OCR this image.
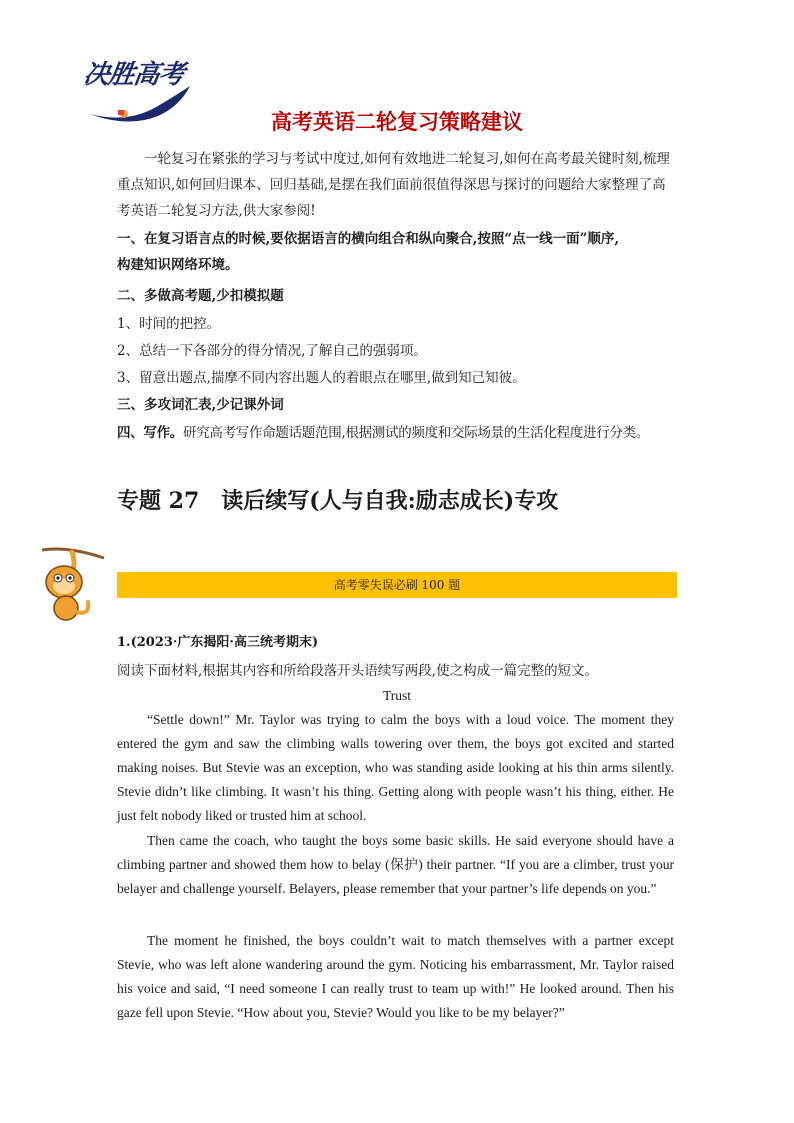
决胜高考
高考英语二轮复习策略建议
一轮复习在紧张的学习与考试中度过,如何有效地进二轮复习,如何在高考最关键时刻,梳理重点知识,如何回归课本、回归基础,是摆在我们面前很值得深思与探讨的问题给大家整理了高考英语二轮复习方法,供大家参阅!
一、在复习语言点的时候,要依据语言的横向组合和纵向聚合,按照“点一线一面”顺序,
构建知识网络环境。
二、多做高考题,少扣模拟题
1、时间的把控。
2、总结一下各部分的得分情况,了解自己的强弱项。
3、留意出题点,揣摩不同内容出题人的着眼点在哪里,做到知己知彼。
三、多攻词汇表,少记课外词
四、写作。研究高考写作命题话题范围,根据测试的频度和交际场景的生活化程度进行分类。
专题 27　读后续写(人与自我:励志成长)专攻
高考零失误必刷 100 题
1.(2023·广东揭阳·高三统考期末)
阅读下面材料,根据其内容和所给段落开头语续写两段,使之构成一篇完整的短文。
Trust
“Settle down!” Mr. Taylor was trying to calm the boys with a loud voice. The moment they entered the gym and saw the climbing walls towering over them, the boys got excited and started making noises. But Stevie was an exception, who was standing aside looking at his thin arms silently. Stevie didn’t like climbing. It wasn’t his thing. Getting along with people wasn’t his thing, either. He just felt nobody liked or trusted him at school.
Then came the coach, who taught the boys some basic skills. He said everyone should have a climbing partner and showed them how to belay (保护) their partner. “If you are a climber, trust your belayer and challenge yourself. Belayers, please remember that your partner’s life depends on you.”
The moment he finished, the boys couldn’t wait to match themselves with a partner except Stevie, who was left alone wandering around the gym. Noticing his embarrassment, Mr. Taylor raised his voice and said, “I need someone I can really trust to team up with!” He looked around. Then his gaze fell upon Stevie. “How about you, Stevie? Would you like to be my belayer?”
